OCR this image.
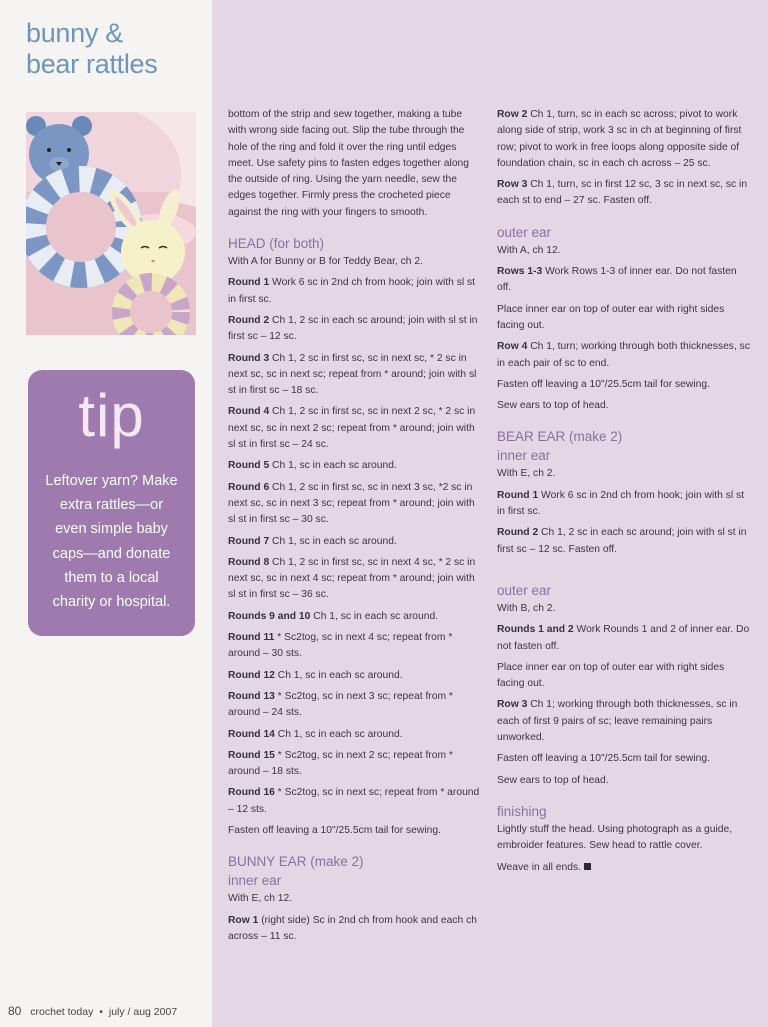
bunny &
bear rattles
tip
Leftover yarn? Make
extra rattles—or
even simple baby
caps—and donate
them to a local
charity or hospital.
80 crochet today • july / aug 2007

bottom of the strip and sew together, making a tube with wrong side facing out. Slip the tube through the hole of the ring and fold it over the ring until edges meet. Use safety pins to fasten edges together along the outside of ring. Using the yarn needle, sew the edges together. Firmly press the crocheted piece against the ring with your fingers to smooth.

HEAD (for both)

With A for Bunny or B for Teddy Bear, ch 2.

Round 1 Work 6 sc in 2nd ch from hook; join with sl st in first sc.

Round 2 Ch 1, 2 sc in each sc around; join with sl st in first sc – 12 sc.

Round 3 Ch 1, 2 sc in first sc, sc in next sc, * 2 sc in next sc, sc in next sc; repeat from * around; join with sl st in first sc – 18 sc.

Round 4 Ch 1, 2 sc in first sc, sc in next 2 sc, * 2 sc in next sc, sc in next 2 sc; repeat from * around; join with sl st in first sc – 24 sc.

Round 5 Ch 1, sc in each sc around.

Round 6 Ch 1, 2 sc in first sc, sc in next 3 sc, *2 sc in next sc, sc in next 3 sc; repeat from * around; join with sl st in first sc – 30 sc.

Round 7 Ch 1, sc in each sc around.

Round 8 Ch 1, 2 sc in first sc, sc in next 4 sc, * 2 sc in next sc, sc in next 4 sc; repeat from * around; join with sl st in first sc – 36 sc.

Rounds 9 and 10 Ch 1, sc in each sc around.

Round 11 * Sc2tog, sc in next 4 sc; repeat from * around – 30 sts.

Round 12 Ch 1, sc in each sc around.

Round 13 * Sc2tog, sc in next 3 sc; repeat from * around – 24 sts.

Round 14 Ch 1, sc in each sc around.

Round 15 * Sc2tog, sc in next 2 sc; repeat from * around – 18 sts.

Round 16 * Sc2tog, sc in next sc; repeat from * around – 12 sts.

Fasten off leaving a 10"/25.5cm tail for sewing.

BUNNY EAR (make 2)
inner ear

With E, ch 12.

Row 1 (right side) Sc in 2nd ch from hook and each ch across – 11 sc.

Row 2 Ch 1, turn, sc in each sc across; pivot to work along side of strip, work 3 sc in ch at beginning of first row; pivot to work in free loops along opposite side of foundation chain, sc in each ch across – 25 sc.

Row 3 Ch 1, turn, sc in first 12 sc, 3 sc in next sc, sc in each st to end – 27 sc. Fasten off.

outer ear

With A, ch 12.

Rows 1-3 Work Rows 1-3 of inner ear. Do not fasten off.

Place inner ear on top of outer ear with right sides facing out.

Row 4 Ch 1, turn; working through both thicknesses, sc in each pair of sc to end.

Fasten off leaving a 10"/25.5cm tail for sewing.

Sew ears to top of head.

BEAR EAR (make 2)
inner ear

With E, ch 2.

Round 1 Work 6 sc in 2nd ch from hook; join with sl st in first sc.

Round 2 Ch 1, 2 sc in each sc around; join with sl st in first sc – 12 sc. Fasten off.

outer ear

With B, ch 2.

Rounds 1 and 2 Work Rounds 1 and 2 of inner ear. Do not fasten off.

Place inner ear on top of outer ear with right sides facing out.

Row 3 Ch 1; working through both thicknesses, sc in each of first 9 pairs of sc; leave remaining pairs unworked.

Fasten off leaving a 10"/25.5cm tail for sewing.

Sew ears to top of head.

finishing

Lightly stuff the head. Using photograph as a guide, embroider features. Sew head to rattle cover.

Weave in all ends.
